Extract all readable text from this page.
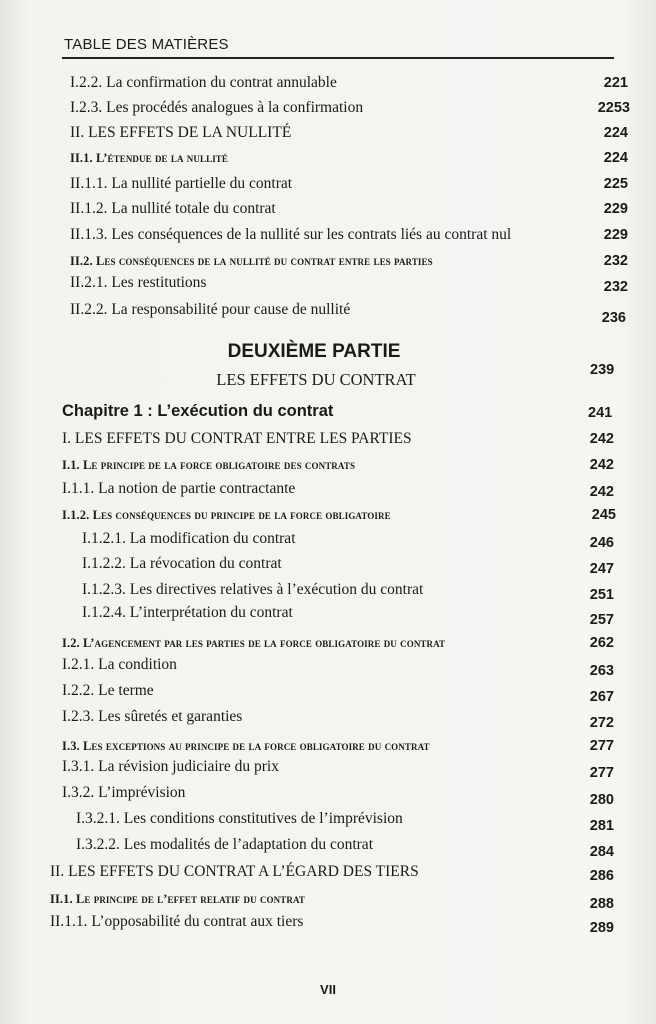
TABLE DES MATIÈRES
I.2.2. La confirmation du contrat annulable	221
I.2.3. Les procédés analogues à la confirmation	2253
II. LES EFFETS DE LA NULLITÉ	224
II.1. L’étendue de la nullité	224
II.1.1. La nullité partielle du contrat	225
II.1.2. La nullité totale du contrat	229
II.1.3. Les conséquences de la nullité sur les contrats liés au contrat nul	229
II.2. Les conséquences de la nullité du contrat entre les parties	232
II.2.1. Les restitutions	232
II.2.2. La responsabilité pour cause de nullité	236
DEUXIÈME PARTIE
LES EFFETS DU CONTRAT	239
Chapitre 1 : L’exécution du contrat	241
I. LES EFFETS DU CONTRAT ENTRE LES PARTIES	242
I.1. Le principe de la force obligatoire des contrats	242
I.1.1. La notion de partie contractante	242
I.1.2. Les conséquences du principe de la force obligatoire	245
I.1.2.1. La modification du contrat	246
I.1.2.2. La révocation du contrat	247
I.1.2.3. Les directives relatives à l’exécution du contrat	251
I.1.2.4. L’interprétation du contrat	257
I.2. L’agencement par les parties de la force obligatoire du contrat	262
I.2.1. La condition	263
I.2.2. Le terme	267
I.2.3. Les sûretés et garanties	272
I.3. Les exceptions au principe de la force obligatoire du contrat	277
I.3.1. La révision judiciaire du prix	277
I.3.2. L’imprévision	280
I.3.2.1. Les conditions constitutives de l’imprévision	281
I.3.2.2. Les modalités de l’adaptation du contrat	284
II. LES EFFETS DU CONTRAT A L’ÉGARD DES TIERS	286
II.1. Le principe de l’effet relatif du contrat	288
II.1.1. L’opposabilité du contrat aux tiers	289
VII
